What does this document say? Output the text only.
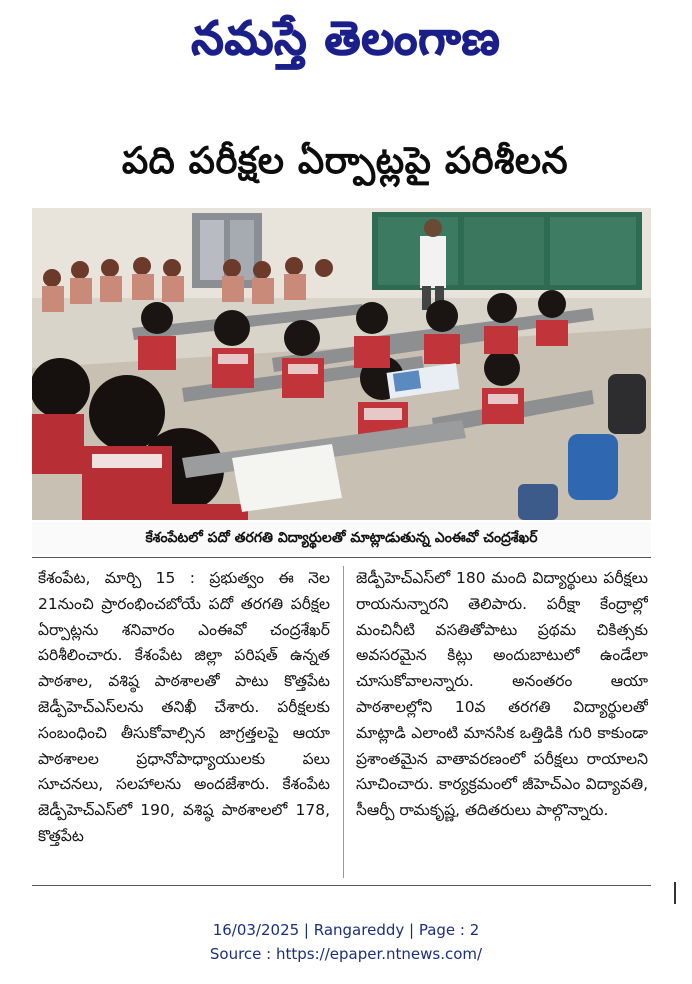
నమస్తే తెలంగాణ
పది పరీక్షల ఏర్పాట్లపై పరిశీలన
కేశంపేటలో పదో తరగతి విద్యార్థులతో మాట్లాడుతున్న ఎంఈవో చంద్రశేఖర్
కేశంపేట, మార్చి 15 : ప్రభుత్వం ఈ నెల 21నుంచి ప్రారంభించబోయే పదో తరగతి పరీక్షల ఏర్పాట్లను శనివారం ఎంఈవో చంద్రశేఖర్ పరిశీలించారు. కేశంపేట జిల్లా పరిషత్ ఉన్నత పాఠశాల, వశిష్ఠ పాఠశాలతో పాటు కొత్తపేట జెడ్పీహెచ్ఎస్‌లను తనిఖీ చేశారు. పరీక్షలకు సంబంధించి తీసుకోవాల్సిన జాగ్రత్తలపై ఆయా పాఠశాలల ప్రధానోపాధ్యాయులకు పలు సూచనలు, సలహాలను అందజేశారు. కేశంపేట జెడ్పీహెచ్ఎస్‌లో 190, వశిష్ఠ పాఠశాలలో 178, కొత్తపేట
జెడ్పీహెచ్ఎస్‌లో 180 మంది విద్యార్థులు పరీక్షలు రాయనున్నారని తెలిపారు. పరీక్షా కేంద్రాల్లో మంచినీటి వసతితోపాటు ప్రథమ చికిత్సకు అవసరమైన కిట్లు అందుబాటులో ఉండేలా చూసుకోవాలన్నారు. అనంతరం ఆయా పాఠశాలల్లోని 10వ తరగతి విద్యార్థులతో మాట్లాడి ఎలాంటి మానసిక ఒత్తిడికి గురి కాకుండా ప్రశాంతమైన వాతావరణంలో పరీక్షలు రాయాలని సూచించారు. కార్యక్రమంలో జీహెచ్ఎం విద్యావతి, సీఆర్పీ రామకృష్ణ, తదితరులు పాల్గొన్నారు.
16/03/2025 | Rangareddy | Page : 2
Source : https://epaper.ntnews.com/
